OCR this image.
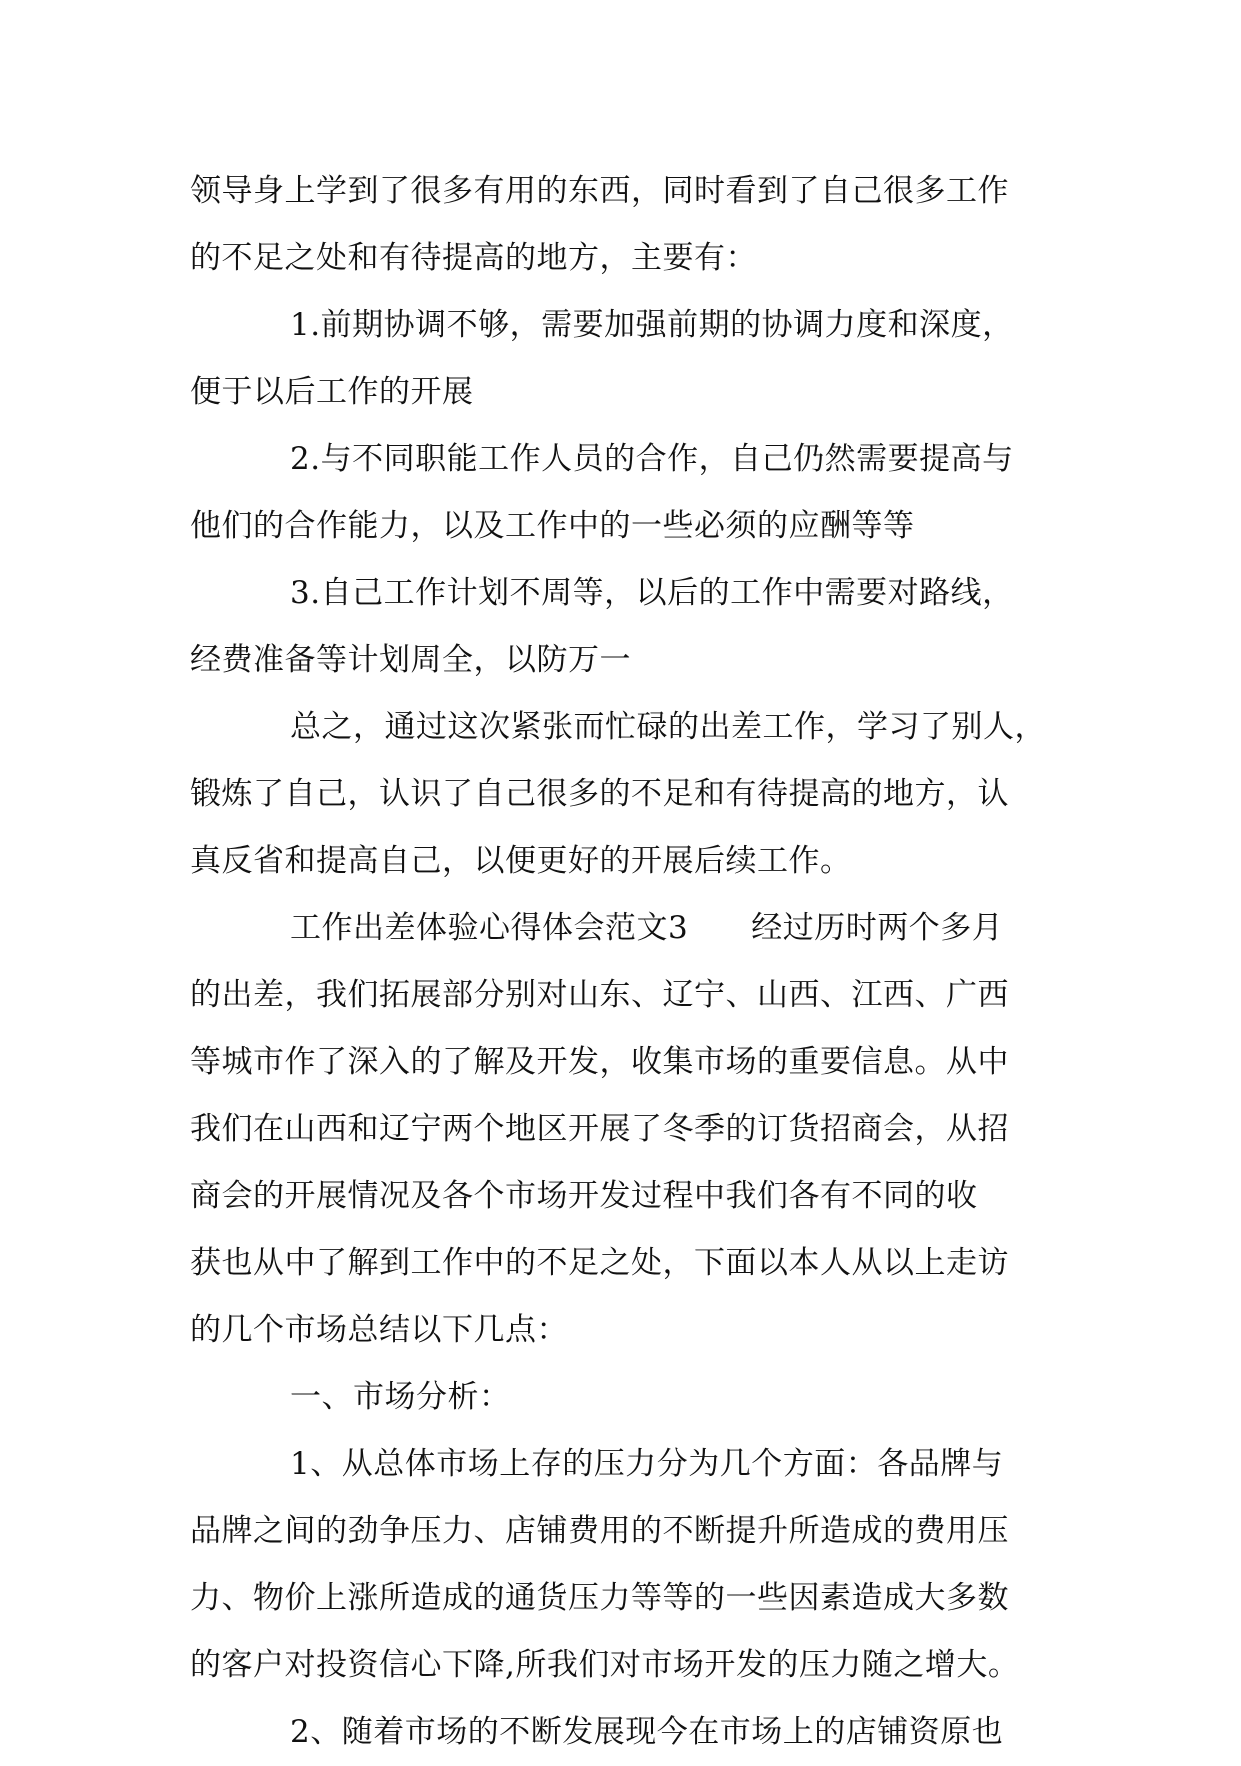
领导身上学到了很多有用的东西，同时看到了自己很多工作
的不足之处和有待提高的地方，主要有：
1.前期协调不够，需要加强前期的协调力度和深度，
便于以后工作的开展
2.与不同职能工作人员的合作，自己仍然需要提高与
他们的合作能力，以及工作中的一些必须的应酬等等
3.自己工作计划不周等，以后的工作中需要对路线，
经费准备等计划周全，以防万一
总之，通过这次紧张而忙碌的出差工作，学习了别人，
锻炼了自己，认识了自己很多的不足和有待提高的地方，认
真反省和提高自己，以便更好的开展后续工作。
工作出差体验心得体会范文3　　经过历时两个多月
的出差，我们拓展部分别对山东、辽宁、山西、江西、广西
等城市作了深入的了解及开发，收集市场的重要信息。从中
我们在山西和辽宁两个地区开展了冬季的订货招商会，从招
商会的开展情况及各个市场开发过程中我们各有不同的收
获也从中了解到工作中的不足之处，下面以本人从以上走访
的几个市场总结以下几点：
一、市场分析：
1、从总体市场上存的压力分为几个方面：各品牌与
品牌之间的劲争压力、店铺费用的不断提升所造成的费用压
力、物价上涨所造成的通货压力等等的一些因素造成大多数
的客户对投资信心下降,所我们对市场开发的压力随之增大。
2、随着市场的不断发展现今在市场上的店铺资原也
